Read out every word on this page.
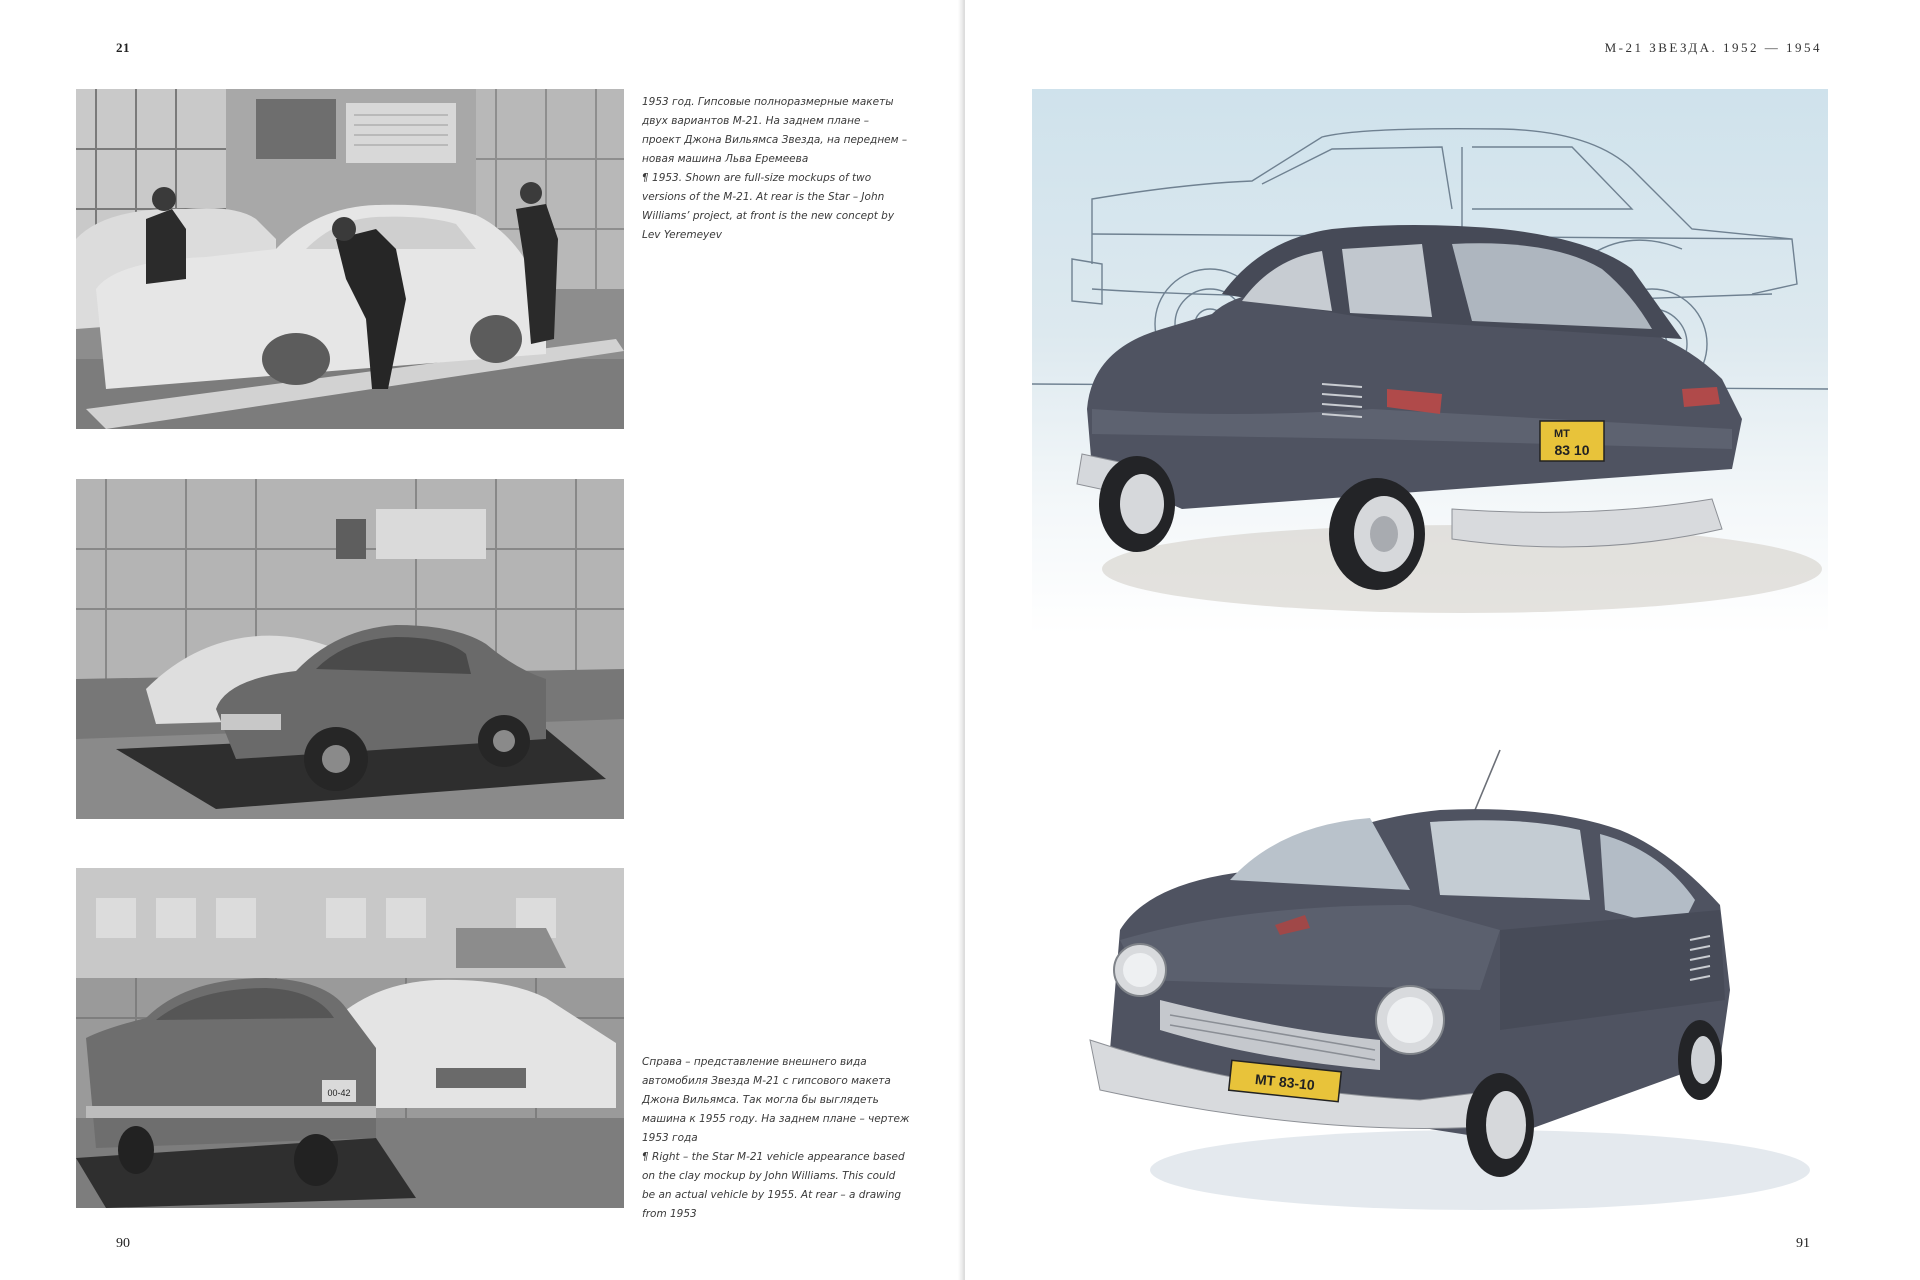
21

1953 год. Гипсовые полноразмерные макеты двух вариантов М-21. На заднем плане – проект Джона Вильямса Звезда, на переднем – новая машина Льва Еремеева

¶ 1953. Shown are full-size mockups of two versions of the M-21. At rear is the Star – John Williams’ project, at front is the new concept by Lev Yeremeyev

00-42

Справа – представление внешнего вида автомобиля Звезда М-21 с гипсового макета Джона Вильямса. Так могла бы выглядеть машина к 1955 году. На заднем плане – чертеж 1953 года

¶ Right – the Star M-21 vehicle appearance based on the clay mockup by John Williams. This could be an actual vehicle by 1955. At rear – a drawing from 1953

90
М-21 ЗВЕЗДА. 1952 — 1954
91
МТ
83 10
МТ 83-10
